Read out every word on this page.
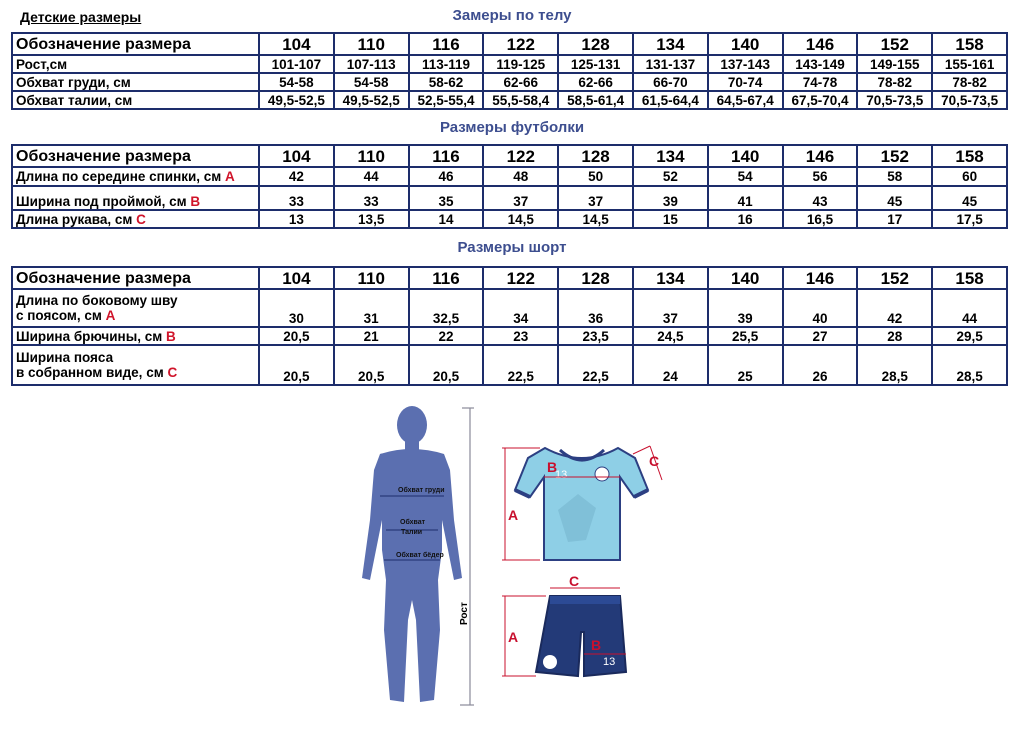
Детские размеры	Замеры по телу
Обозначение размера	104	110	116	122	128	134	140	146	152	158
Рост,см	101-107	107-113	113-119	119-125	125-131	131-137	137-143	143-149	149-155	155-161
Обхват груди, см	54-58	54-58	58-62	62-66	62-66	66-70	70-74	74-78	78-82	78-82
Обхват талии, см	49,5-52,5	49,5-52,5	52,5-55,4	55,5-58,4	58,5-61,4	61,5-64,4	64,5-67,4	67,5-70,4	70,5-73,5	70,5-73,5
Размеры футболки
Обозначение размера	104	110	116	122	128	134	140	146	152	158
Длина по середине спинки, см А	42	44	46	48	50	52	54	56	58	60
Ширина под проймой, см В	33	33	35	37	37	39	41	43	45	45
Длина рукава, см С	13	13,5	14	14,5	14,5	15	16	16,5	17	17,5
Размеры шорт
Обозначение размера	104	110	116	122	128	134	140	146	152	158
Длина по боковому шву
с поясом, см А	30	31	32,5	34	36	37	39	40	42	44
Ширина брючины, см В	20,5	21	22	23	23,5	24,5	25,5	27	28	29,5
Ширина пояса
в собранном виде, см С	20,5	20,5	20,5	22,5	22,5	24	25	26	28,5	28,5
Обхват груди
Обхват
Талии
Обхват бёдер
Рост
13
A
B	C
13
A	B
C
